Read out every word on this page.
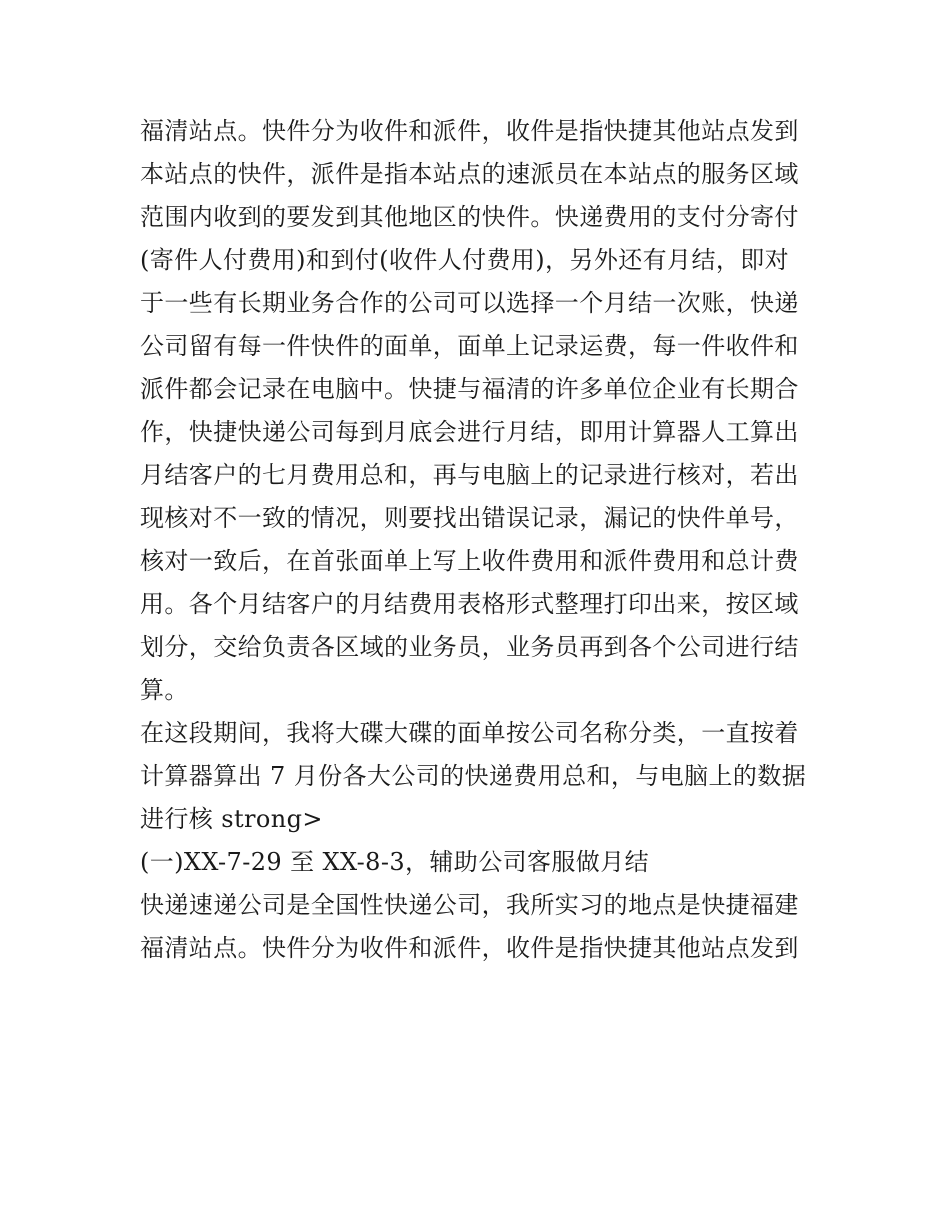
福清站点。快件分为收件和派件，收件是指快捷其他站点发到
本站点的快件，派件是指本站点的速派员在本站点的服务区域
范围内收到的要发到其他地区的快件。快递费用的支付分寄付
(寄件人付费用)和到付(收件人付费用)，另外还有月结，即对
于一些有长期业务合作的公司可以选择一个月结一次账，快递
公司留有每一件快件的面单，面单上记录运费，每一件收件和
派件都会记录在电脑中。快捷与福清的许多单位企业有长期合
作，快捷快递公司每到月底会进行月结，即用计算器人工算出
月结客户的七月费用总和，再与电脑上的记录进行核对，若出
现核对不一致的情况，则要找出错误记录，漏记的快件单号，
核对一致后，在首张面单上写上收件费用和派件费用和总计费
用。各个月结客户的月结费用表格形式整理打印出来，按区域
划分，交给负责各区域的业务员，业务员再到各个公司进行结
算。
在这段期间，我将大碟大碟的面单按公司名称分类，一直按着
计算器算出 7 月份各大公司的快递费用总和，与电脑上的数据
进行核 strong>
(一)XX-7-29 至 XX-8-3，辅助公司客服做月结
快递速递公司是全国性快递公司，我所实习的地点是快捷福建
福清站点。快件分为收件和派件，收件是指快捷其他站点发到
